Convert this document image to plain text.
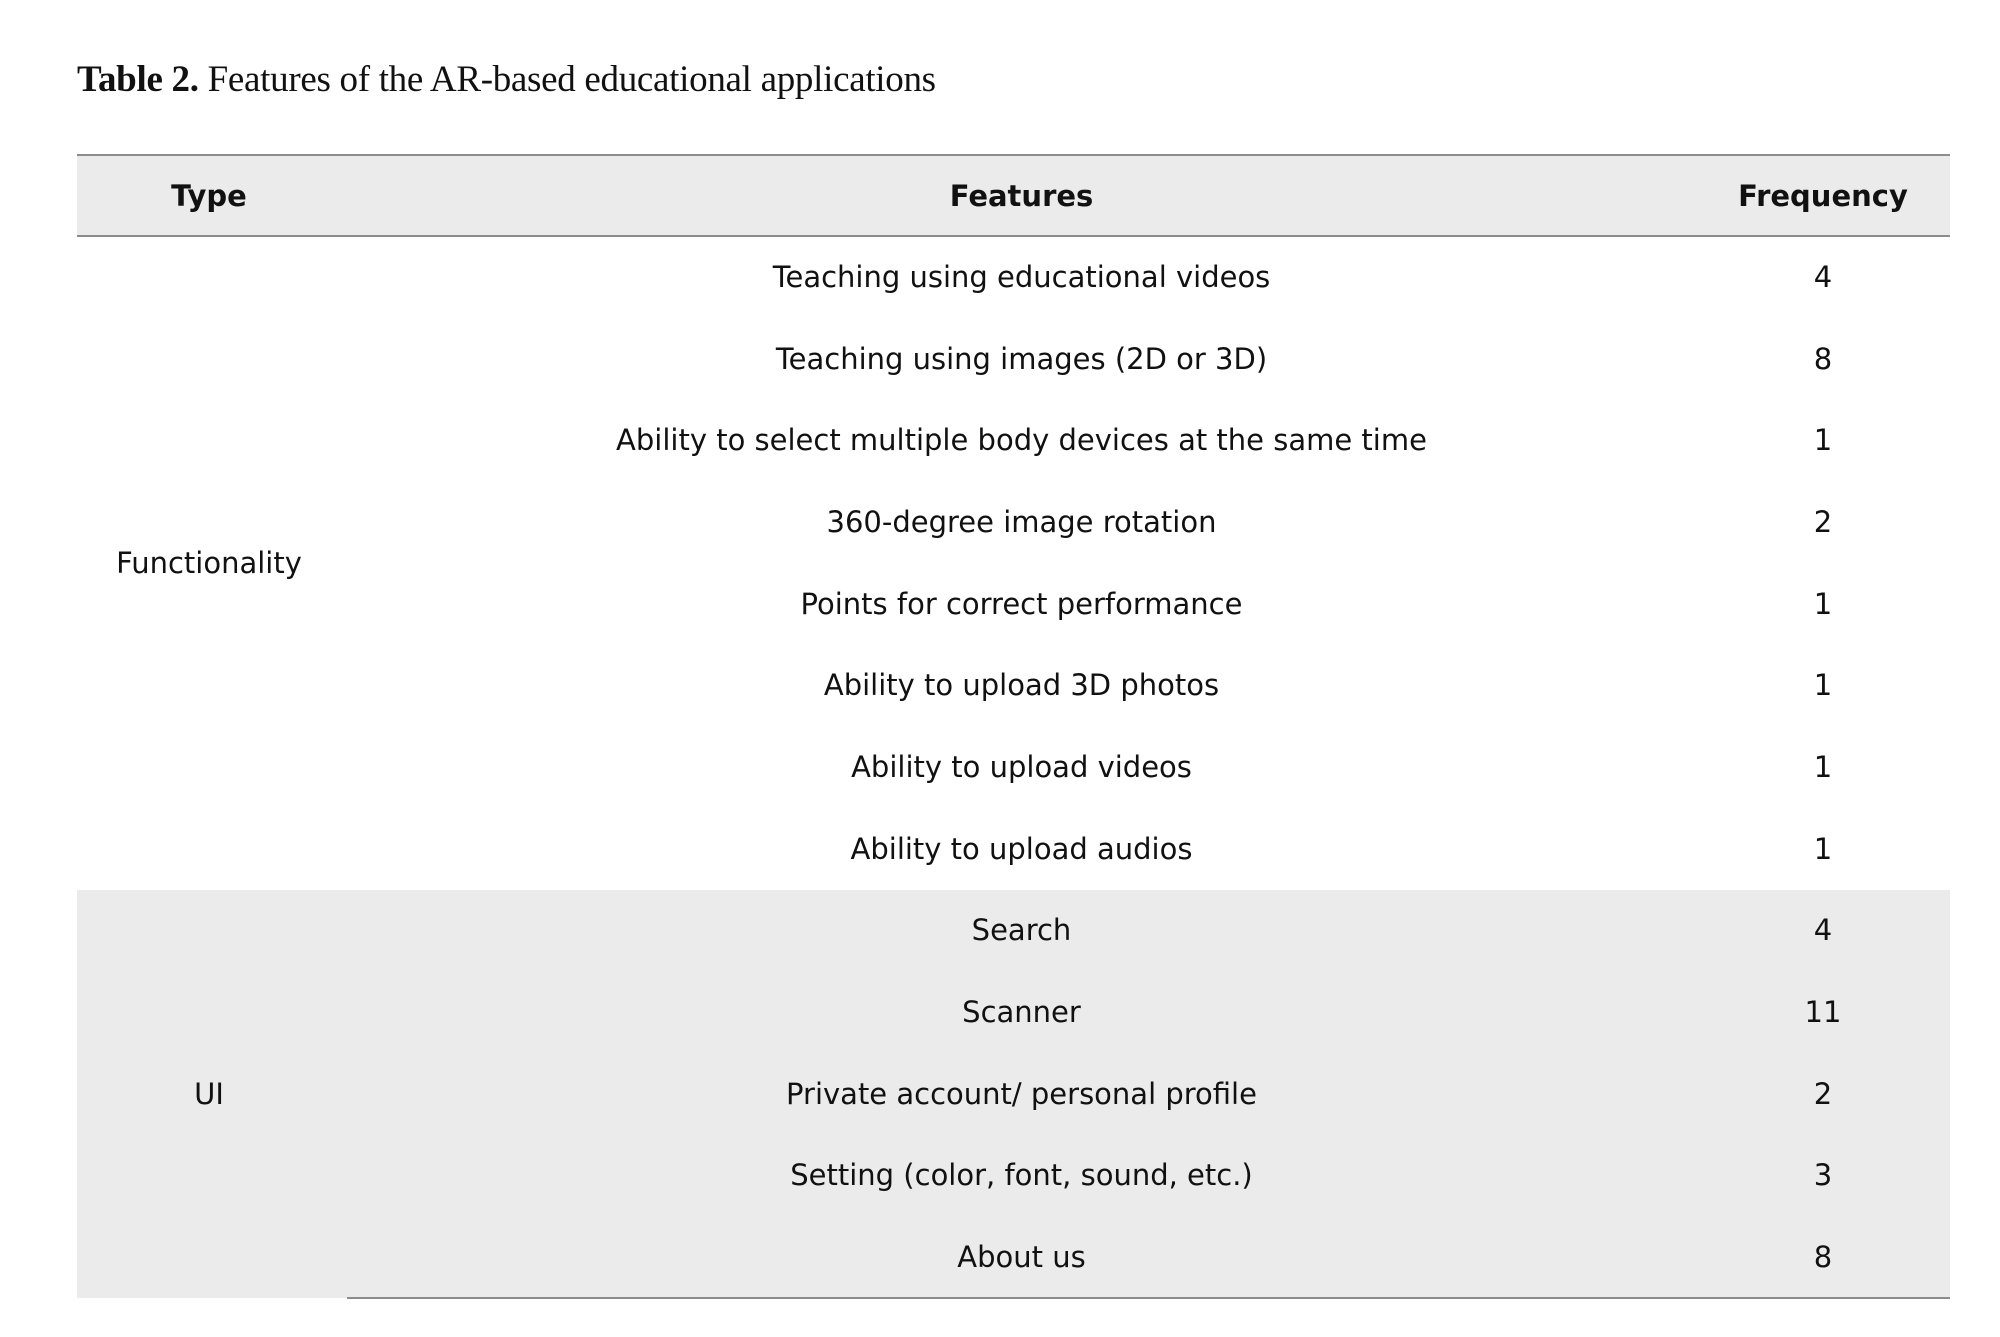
Table 2. Features of the AR-based educational applications
Type	Features	Frequency
Functionality	Teaching using educational videos	4
	Teaching using images (2D or 3D)	8
	Ability to select multiple body devices at the same time	1
	360-degree image rotation	2
	Points for correct performance	1
	Ability to upload 3D photos	1
	Ability to upload videos	1
	Ability to upload audios	1
UI	Search	4
	Scanner	11
	Private account/ personal profile	2
	Setting (color, font, sound, etc.)	3
	About us	8
